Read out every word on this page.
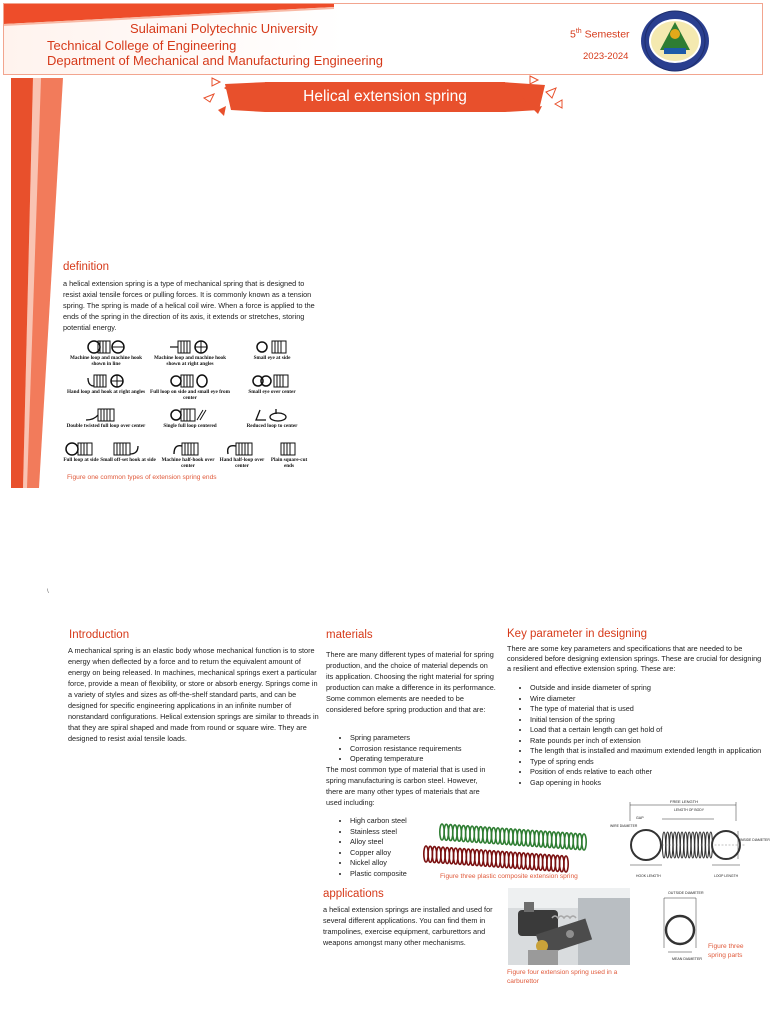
Sulaimani Polytechnic University
Technical College of Engineering
Department of Mechanical and Manufacturing Engineering
5th Semester
2023-2024
Helical extension spring
definition
a helical extension spring is a type of mechanical spring that is designed to resist axial tensile forces or pulling forces. It is commonly known as a tension spring. The spring is made of a helical coil wire. When a force is applied to the ends of the spring in the direction of its axis, it extends or stretches, storing potential energy.
Machine loop and machine hook shown in line
Machine loop and machine hook shown at right angles
Small eye at side
Hand loop and hook at right angles Full loop on side and small eye from center
Small eye over center
Double twisted full loop over center	Single full loop centered	Reduced loop to center
Full loop at side Small off-set hook at side	Machine half-hook over center
Hand half-loop over center
Plain square-cut ends
Figure one common types of extension spring ends
\
Introduction
A mechanical spring is an elastic body whose mechanical function is to store energy when deflected by a force and to return the equivalent amount of energy on being released. In machines, mechanical springs exert a particular force, provide a mean of flexibility, or store or absorb energy. Springs come in a variety of styles and sizes as off-the-shelf standard parts, and can be designed for specific engineering applications in an infinite number of nonstandard configurations. Helical extension springs are similar to threads in that they are spiral shaped and made from round or square wire. They are designed to resist axial tensile loads.
materials
There are many different types of material for spring production, and the choice of material depends on its application. Choosing the right material for spring production can make a difference in its performance. Some common elements are needed to be considered before spring production and that are:
• Spring parameters
• Corrosion resistance requirements
• Operating temperature
The most common type of material that is used in spring manufacturing is carbon steel. However, there are many other types of materials that are used including:
• High carbon steel
• Stainless steel
• Alloy steel
• Copper alloy
• Nickel alloy
• Plastic composite	Figure three plastic composite extension spring
applications
a helical extension springs are installed and used for several different applications. You can find them in trampolines, exercise equipment, carburettors and weapons amongst many other mechanisms.
Figure four extension spring used in a carburettor
Key parameter in designing
There are some key parameters and specifications that are needed to be considered before designing extension springs. These are crucial for designing a resilient and effective extension spring. These are:
• Outside and inside diameter of spring
• Wire diameter
• The type of material that is used
• Initial tension of the spring
• Load that a certain length can get hold of
• Rate pounds per inch of extension
• The length that is installed and maximum extended length in application
• Type of spring ends
• Position of ends relative to each other
• Gap opening in hooks
FREE LENGTH
LENGTH OF BODY
GAP
WIRE DIAMETER
INSIDE DIAMETER
HOOK LENGTH	LOOP LENGTH
OUTSIDE DIAMETER
MEAN DIAMETER
Figure three spring parts
